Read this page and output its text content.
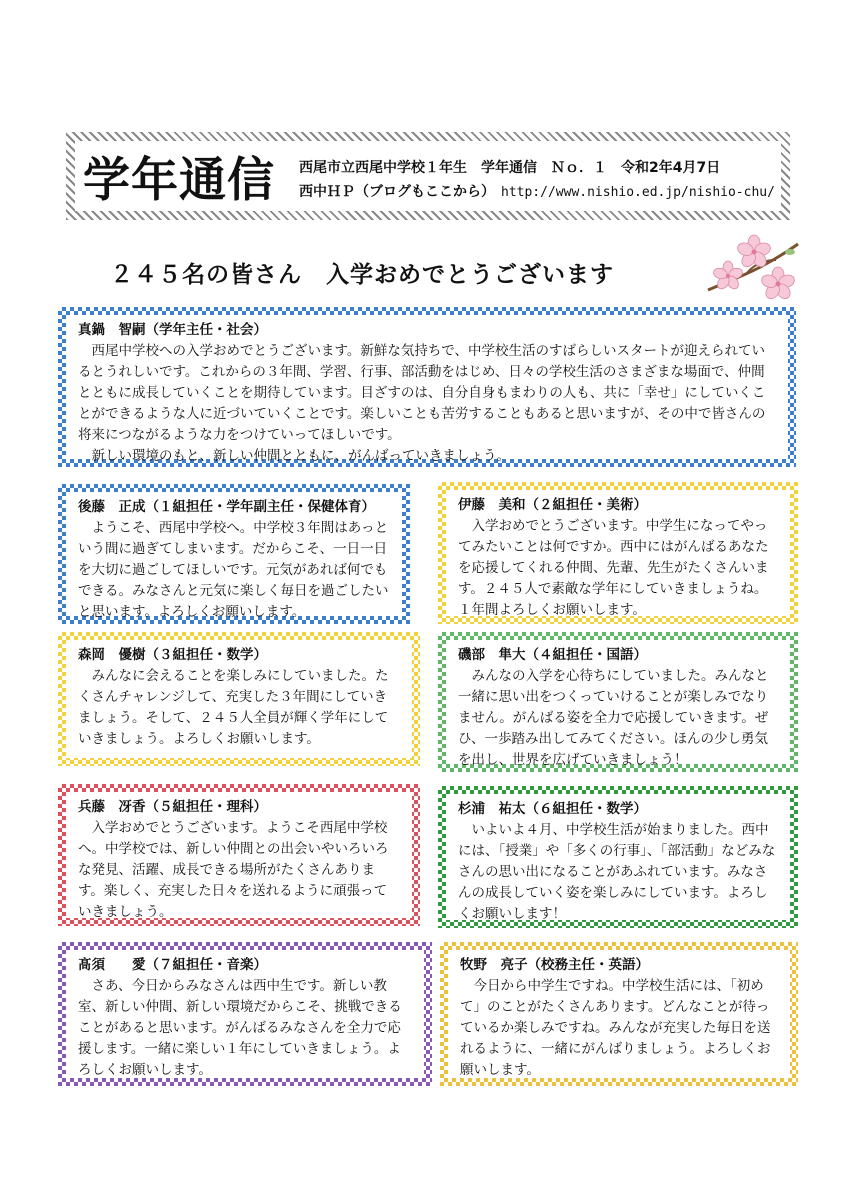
学年通信 西尾市立西尾中学校１年生　学年通信　Ｎｏ．１　令和2年4月7日
西中ＨＰ（ブログもここから） http://www.nishio.ed.jp/nishio-chu/
２４５名の皆さん　入学おめでとうございます
真鍋　智嗣（学年主任・社会）
　西尾中学校への入学おめでとうございます。新鮮な気持ちで、中学校生活のすばらしいスタートが迎えられているとうれしいです。これからの３年間、学習、行事、部活動をはじめ、日々の学校生活のさまざまな場面で、仲間とともに成長していくことを期待しています。目ざすのは、自分自身もまわりの人も、共に「幸せ」にしていくことができるような人に近づいていくことです。楽しいことも苦労することもあると思いますが、その中で皆さんの将来につながるような力をつけていってほしいです。
　新しい環境のもと、新しい仲間とともに、がんばっていきましょう。
後藤　正成（１組担任・学年副主任・保健体育）
　ようこそ、西尾中学校へ。中学校３年間はあっという間に過ぎてしまいます。だからこそ、一日一日を大切に過ごしてほしいです。元気があれば何でもできる。みなさんと元気に楽しく毎日を過ごしたいと思います。よろしくお願いします。
伊藤　美和（２組担任・美術）
　入学おめでとうございます。中学生になってやってみたいことは何ですか。西中にはがんばるあなたを応援してくれる仲間、先輩、先生がたくさんいます。２４５人で素敵な学年にしていきましょうね。１年間よろしくお願いします。
森岡　優樹（３組担任・数学）
　みんなに会えることを楽しみにしていました。たくさんチャレンジして、充実した３年間にしていきましょう。そして、２４５人全員が輝く学年にしていきましょう。よろしくお願いします。
磯部　隼大（４組担任・国語）
　みんなの入学を心待ちにしていました。みんなと一緒に思い出をつくっていけることが楽しみでなりません。がんばる姿を全力で応援していきます。ぜひ、一歩踏み出してみてください。ほんの少し勇気を出し、世界を広げていきましょう！
兵藤　冴香（５組担任・理科）
　入学おめでとうございます。ようこそ西尾中学校へ。中学校では、新しい仲間との出会いやいろいろな発見、活躍、成長できる場所がたくさんあります。楽しく、充実した日々を送れるように頑張っていきましょう。
杉浦　祐太（６組担任・数学）
　いよいよ４月、中学校生活が始まりました。西中には、「授業」や「多くの行事」、「部活動」などみなさんの思い出になることがあふれています。みなさんの成長していく姿を楽しみにしています。よろしくお願いします！
髙須　　愛（７組担任・音楽）
　さあ、今日からみなさんは西中生です。新しい教室、新しい仲間、新しい環境だからこそ、挑戦できることがあると思います。がんばるみなさんを全力で応援します。一緒に楽しい１年にしていきましょう。よろしくお願いします。
牧野　亮子（校務主任・英語）
　今日から中学生ですね。中学校生活には、「初めて」のことがたくさんあります。どんなことが待っているか楽しみですね。みんなが充実した毎日を送れるように、一緒にがんばりましょう。よろしくお願いします。
